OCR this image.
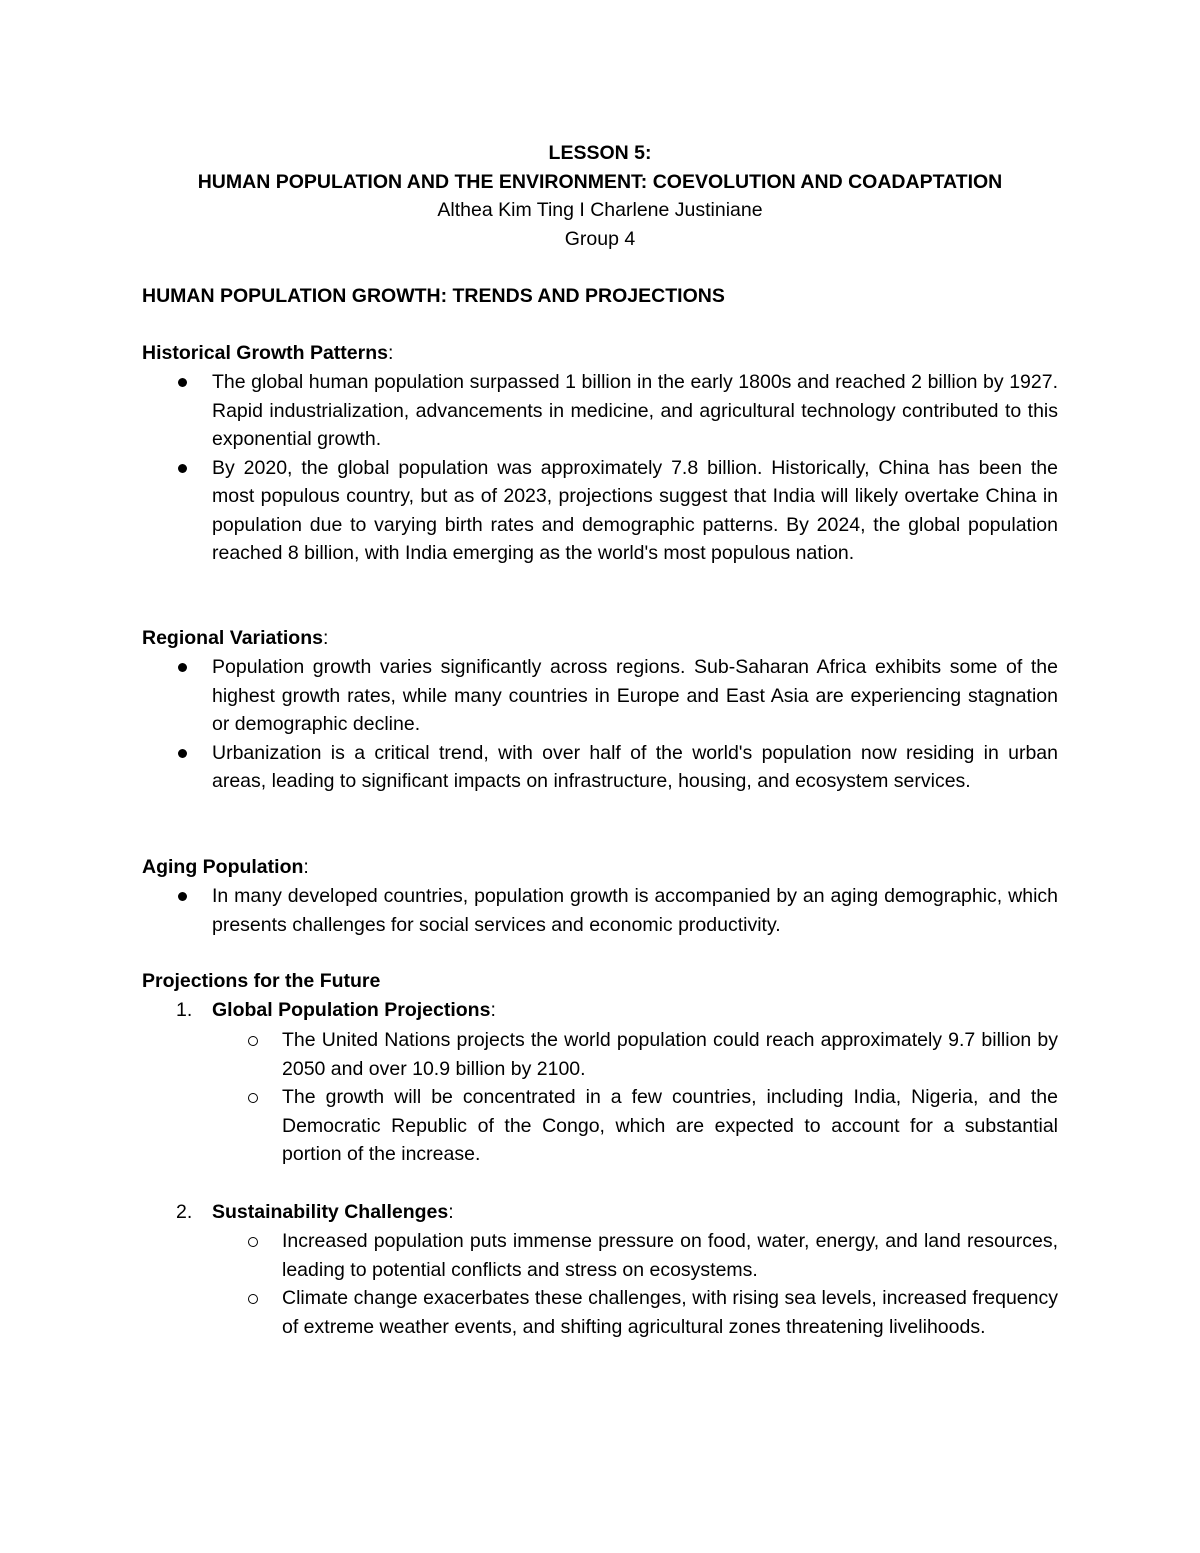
LESSON 5:
HUMAN POPULATION AND THE ENVIRONMENT: COEVOLUTION AND COADAPTATION
Althea Kim Ting I Charlene Justiniane
Group 4
HUMAN POPULATION GROWTH: TRENDS AND PROJECTIONS
Historical Growth Patterns:
The global human population surpassed 1 billion in the early 1800s and reached 2 billion by 1927. Rapid industrialization, advancements in medicine, and agricultural technology contributed to this exponential growth.
By 2020, the global population was approximately 7.8 billion. Historically, China has been the most populous country, but as of 2023, projections suggest that India will likely overtake China in population due to varying birth rates and demographic patterns. By 2024, the global population reached 8 billion, with India emerging as the world's most populous nation.
Regional Variations:
Population growth varies significantly across regions. Sub-Saharan Africa exhibits some of the highest growth rates, while many countries in Europe and East Asia are experiencing stagnation or demographic decline.
Urbanization is a critical trend, with over half of the world's population now residing in urban areas, leading to significant impacts on infrastructure, housing, and ecosystem services.
Aging Population:
In many developed countries, population growth is accompanied by an aging demographic, which presents challenges for social services and economic productivity.
Projections for the Future
1. Global Population Projections:
The United Nations projects the world population could reach approximately 9.7 billion by 2050 and over 10.9 billion by 2100.
The growth will be concentrated in a few countries, including India, Nigeria, and the Democratic Republic of the Congo, which are expected to account for a substantial portion of the increase.
2. Sustainability Challenges:
Increased population puts immense pressure on food, water, energy, and land resources, leading to potential conflicts and stress on ecosystems.
Climate change exacerbates these challenges, with rising sea levels, increased frequency of extreme weather events, and shifting agricultural zones threatening livelihoods.
